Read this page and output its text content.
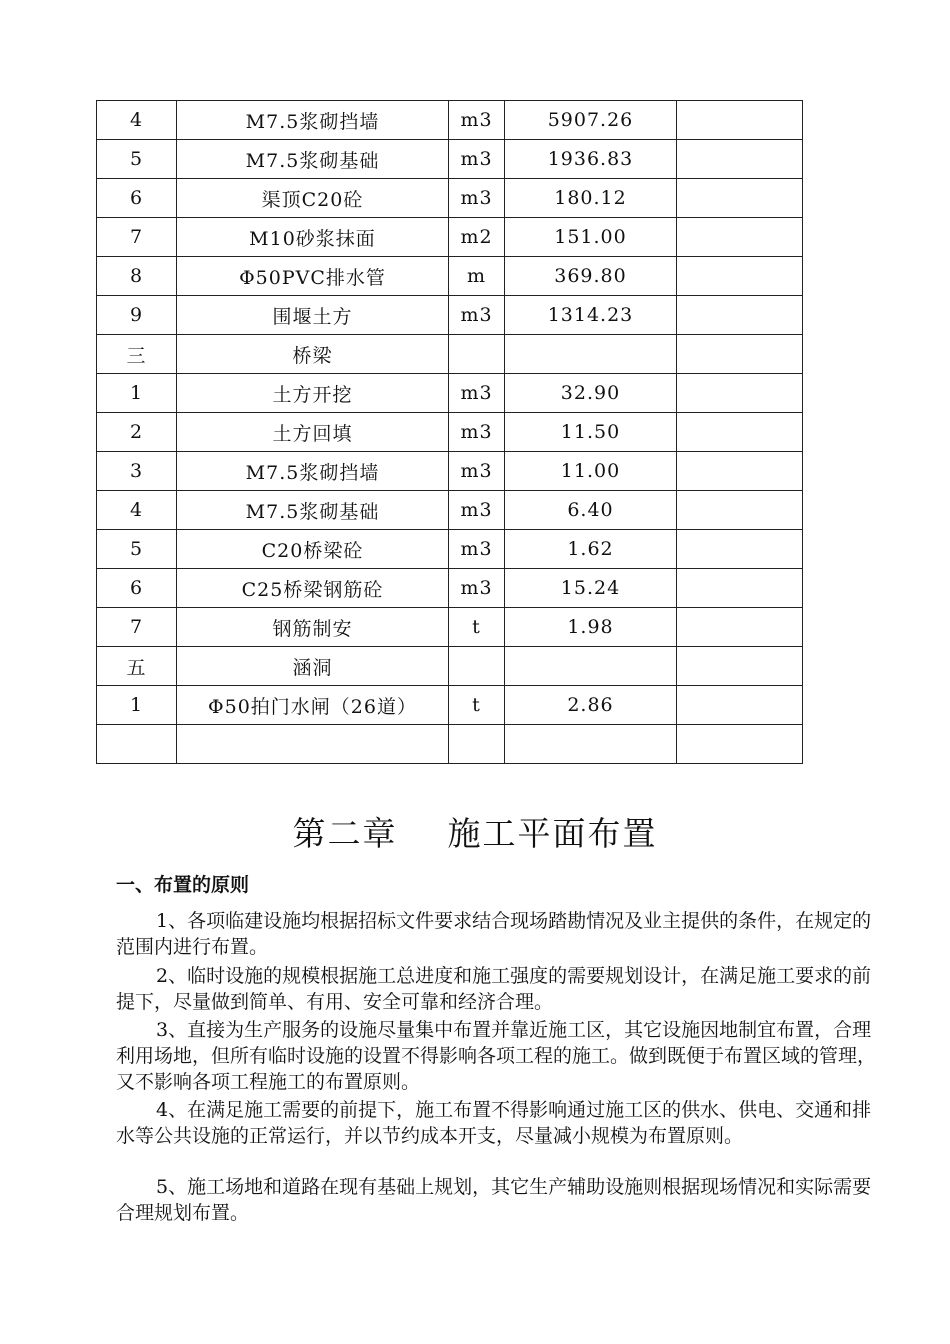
4	M7.5浆砌挡墙	m3	5907.26	
5	M7.5浆砌基础	m3	1936.83	
6	渠顶C20砼	m3	180.12	
7	M10砂浆抹面	m2	151.00	
8	Φ50PVC排水管	m	369.80	
9	围堰土方	m3	1314.23	
三	桥梁			
1	土方开挖	m3	32.90	
2	土方回填	m3	11.50	
3	M7.5浆砌挡墙	m3	11.00	
4	M7.5浆砌基础	m3	6.40	
5	C20桥梁砼	m3	1.62	
6	C25桥梁钢筋砼	m3	15.24	
7	钢筋制安	t	1.98	
五	涵洞			
1	Φ50拍门水闸（26道）	t	2.86	

第二章    施工平面布置
一、布置的原则

1、各项临建设施均根据招标文件要求结合现场踏勘情况及业主提供的条件，在规定的范围内进行布置。

2、临时设施的规模根据施工总进度和施工强度的需要规划设计，在满足施工要求的前提下，尽量做到简单、有用、安全可靠和经济合理。

3、直接为生产服务的设施尽量集中布置并靠近施工区，其它设施因地制宜布置，合理利用场地，但所有临时设施的设置不得影响各项工程的施工。做到既便于布置区域的管理，又不影响各项工程施工的布置原则。

4、在满足施工需要的前提下，施工布置不得影响通过施工区的供水、供电、交通和排水等公共设施的正常运行，并以节约成本开支，尽量减小规模为布置原则。

5、施工场地和道路在现有基础上规划，其它生产辅助设施则根据现场情况和实际需要合理规划布置。
